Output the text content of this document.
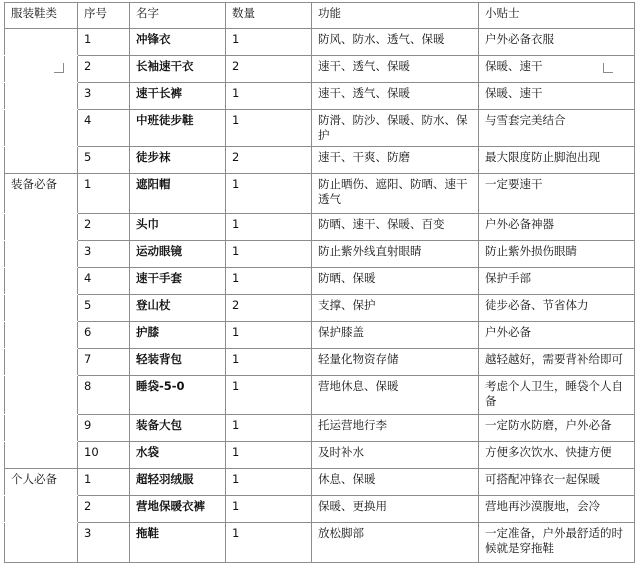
服装鞋类	序号	名字	数量	功能	小贴士
	1	冲锋衣	1	防风、防水、透气、保暖	户外必备衣服
	2	长袖速干衣	2	速干、透气、保暖	保暖、速干
	3	速干长裤	1	速干、透气、保暖	保暖、速干
	4	中班徒步鞋	1	防滑、防沙、保暖、防水、保护	与雪套完美结合
	5	徒步袜	2	速干、干爽、防磨	最大限度防止脚泡出现
装备必备	1	遮阳帽	1	防止晒伤、遮阳、防晒、速干透气	一定要速干
	2	头巾	1	防晒、速干、保暖、百变	户外必备神器
	3	运动眼镜	1	防止紫外线直射眼睛	防止紫外损伤眼睛
	4	速干手套	1	防晒、保暖	保护手部
	5	登山杖	2	支撑、保护	徒步必备、节省体力
	6	护膝	1	保护膝盖	户外必备
	7	轻装背包	1	轻量化物资存储	越轻越好，需要背补给即可
	8	睡袋-5-0	1	营地休息、保暖	考虑个人卫生，睡袋个人自备
	9	装备大包	1	托运营地行李	一定防水防磨，户外必备
	10	水袋	1	及时补水	方便多次饮水、快捷方便
个人必备	1	超轻羽绒服	1	休息、保暖	可搭配冲锋衣一起保暖
	2	营地保暖衣裤	1	保暖、更换用	营地再沙漠腹地，会冷
	3	拖鞋	1	放松脚部	一定准备，户外最舒适的时候就是穿拖鞋
